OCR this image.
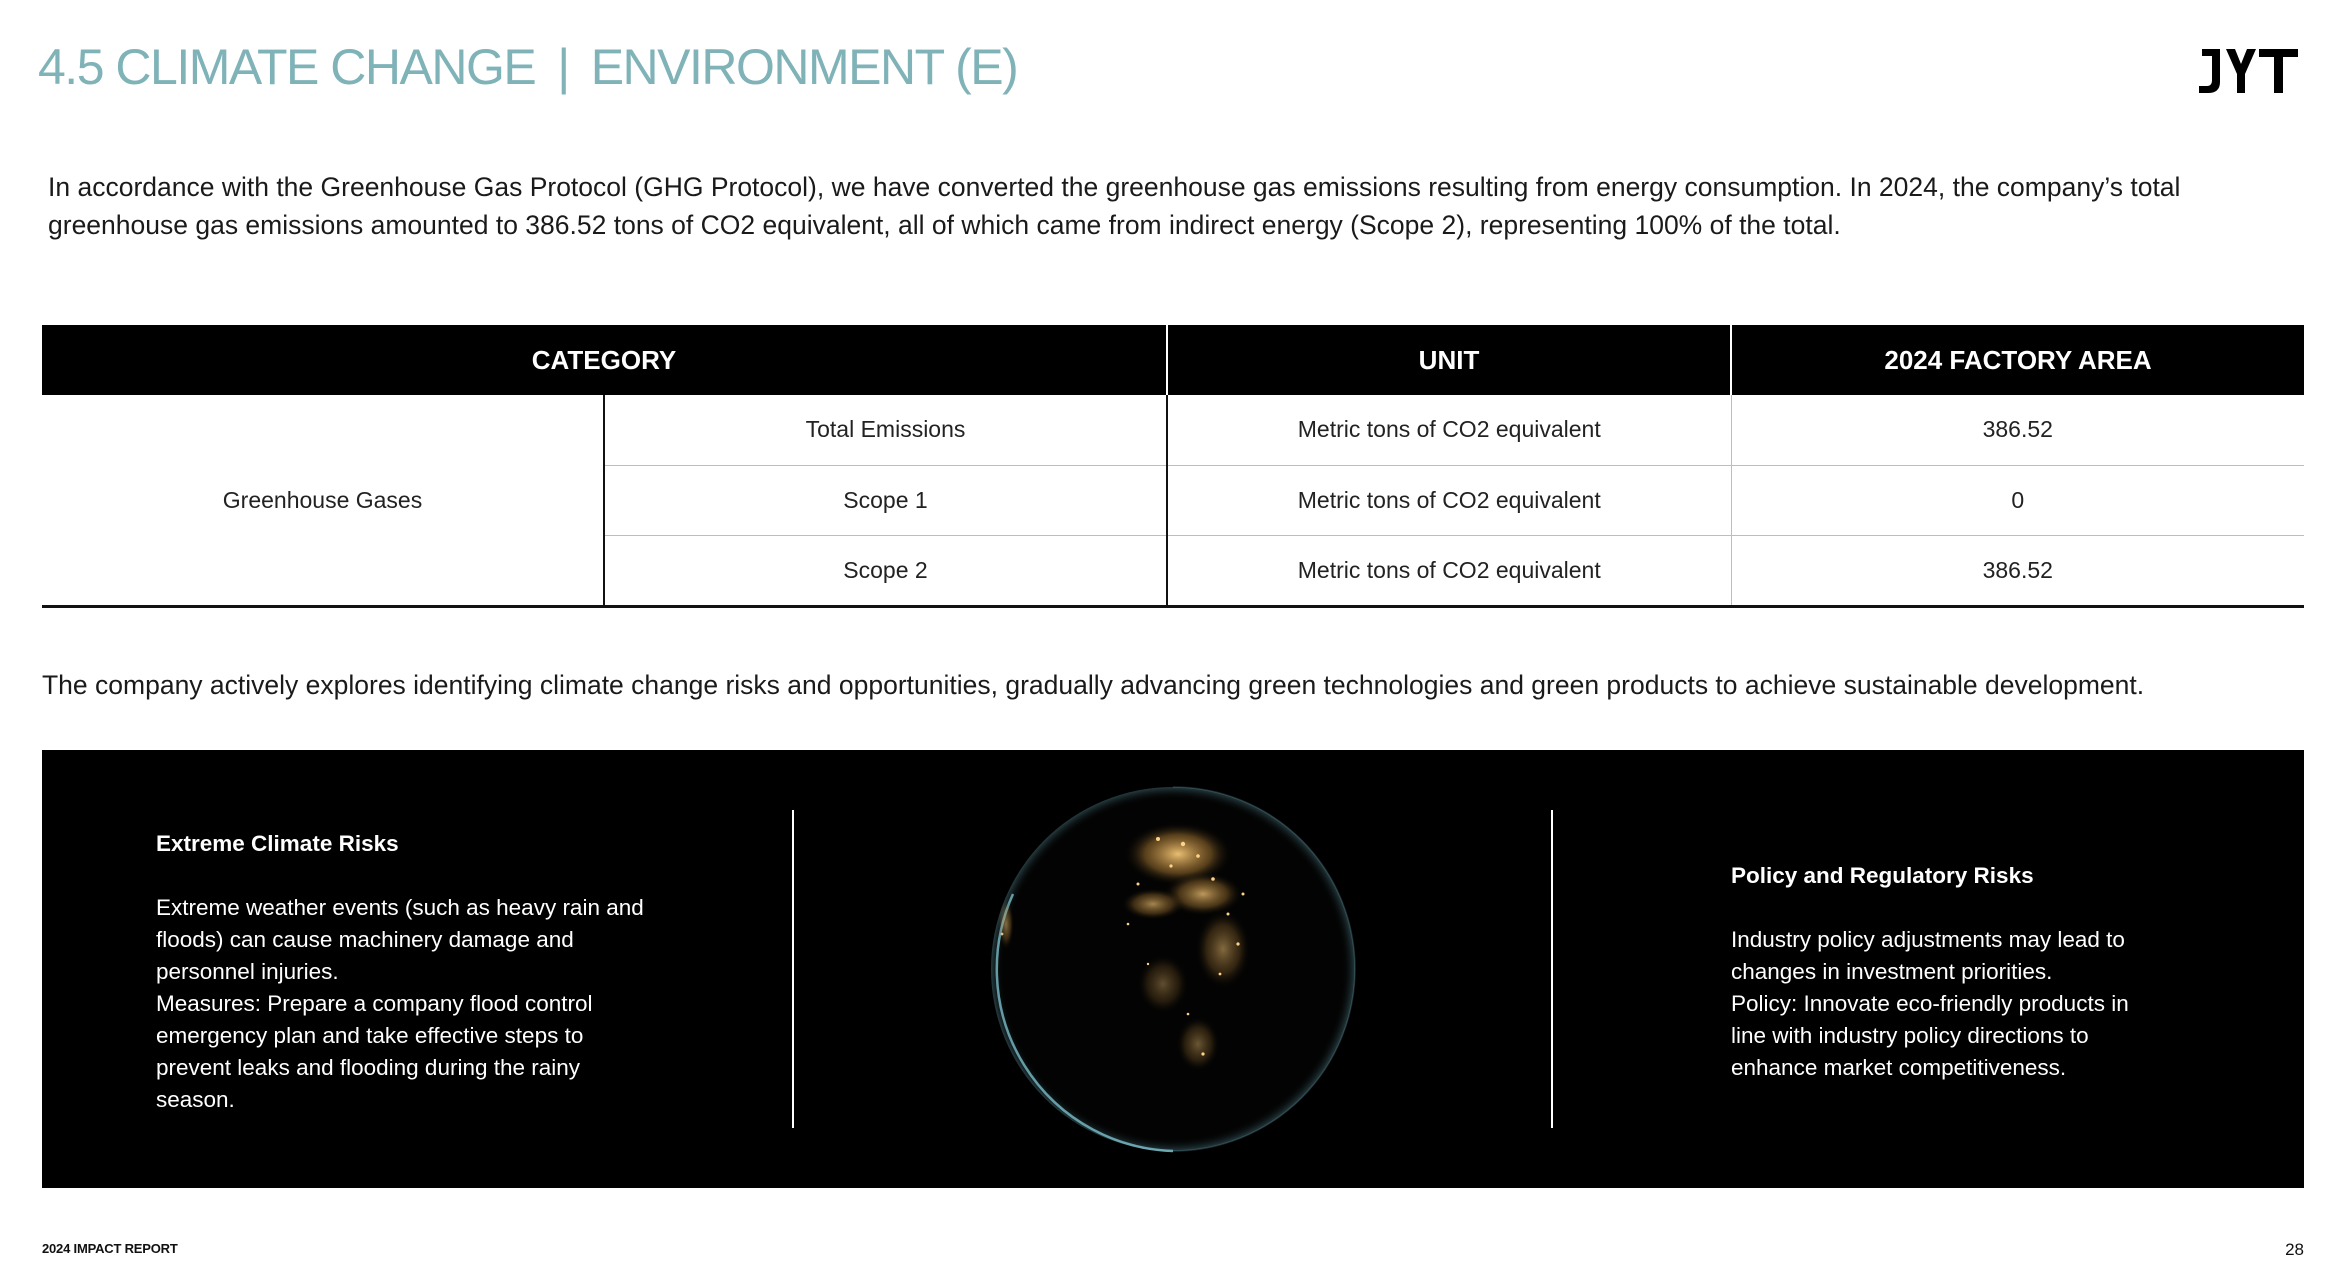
4.5 CLIMATE CHANGE | ENVIRONMENT (E)

In accordance with the Greenhouse Gas Protocol (GHG Protocol), we have converted the greenhouse gas emissions resulting from energy consumption. In 2024, the company’s total greenhouse gas emissions amounted to 386.52 tons of CO2 equivalent, all of which came from indirect energy (Scope 2), representing 100% of the total.

CATEGORY		UNIT	2024 FACTORY AREA
Greenhouse Gases	Total Emissions	Metric tons of CO2 equivalent	386.52
	Scope 1	Metric tons of CO2 equivalent	0
	Scope 2	Metric tons of CO2 equivalent	386.52

The company actively explores identifying climate change risks and opportunities, gradually advancing green technologies and green products to achieve sustainable development.

Extreme Climate Risks

Extreme weather events (such as heavy rain and
floods) can cause machinery damage and
personnel injuries.
Measures: Prepare a company flood control
emergency plan and take effective steps to
prevent leaks and flooding during the rainy
season.

Policy and Regulatory Risks

Industry policy adjustments may lead to
changes in investment priorities.
Policy: Innovate eco-friendly products in
line with industry policy directions to
enhance market competitiveness.

2024 IMPACT REPORT	28
